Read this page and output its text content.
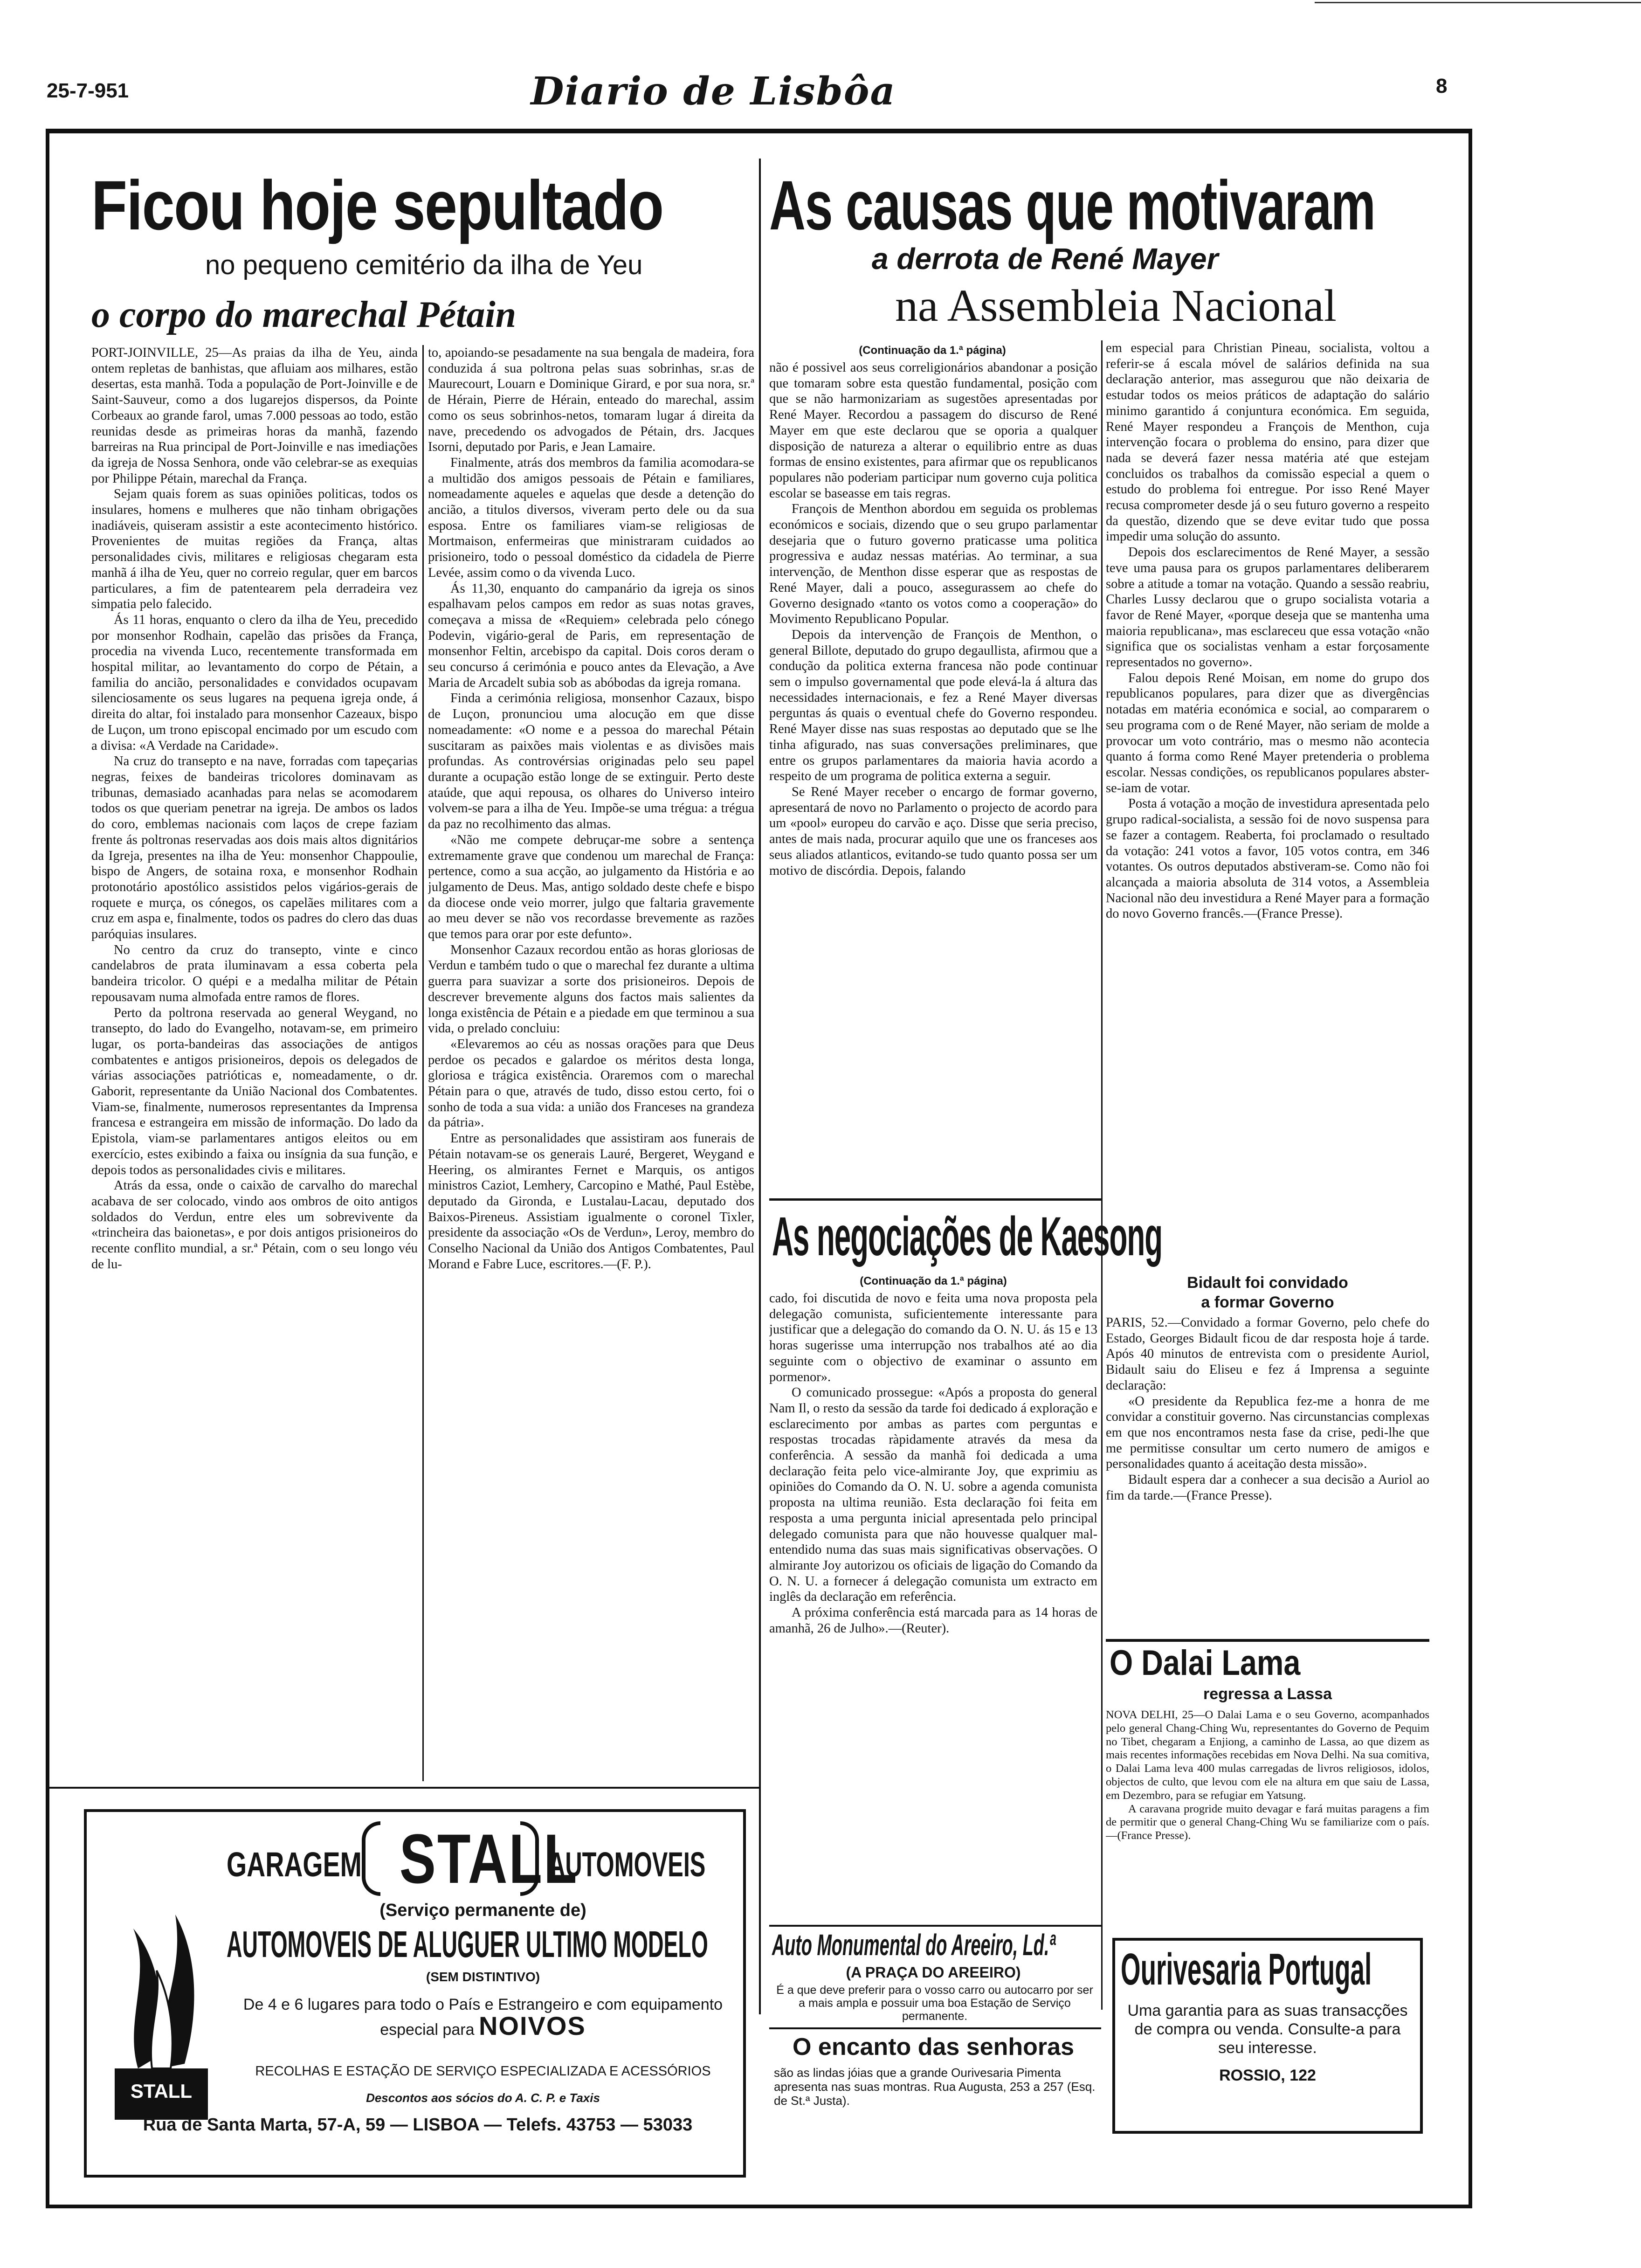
25-7-951	Diario de Lisbôa	8
Ficou hoje sepultado
no pequeno cemitério da ilha de Yeu
o corpo do marechal Pétain

PORT-JOINVILLE, 25—As praias da ilha de Yeu, ainda ontem repletas de banhistas, que afluiam aos milhares, estão desertas, esta manhã. Toda a população de Port-Joinville e de Saint-Sauveur, como a dos lugarejos dispersos, da Pointe Corbeaux ao grande farol, umas 7.000 pessoas ao todo, estão reunidas desde as primeiras horas da manhã, fazendo barreiras na Rua principal de Port-Joinville e nas imediações da igreja de Nossa Senhora, onde vão celebrar-se as exequias por Philippe Pétain, marechal da França.

Sejam quais forem as suas opiniões politicas, todos os insulares, homens e mulheres que não tinham obrigações inadiáveis, quiseram assistir a este acontecimento histórico. Provenientes de muitas regiões da França, altas personalidades civis, militares e religiosas chegaram esta manhã á ilha de Yeu, quer no correio regular, quer em barcos particulares, a fim de patentearem pela derradeira vez simpatia pelo falecido.

Ás 11 horas, enquanto o clero da ilha de Yeu, precedido por monsenhor Rodhain, capelão das prisões da França, procedia na vivenda Luco, recentemente transformada em hospital militar, ao levantamento do corpo de Pétain, a familia do ancião, personalidades e convidados ocupavam silenciosamente os seus lugares na pequena igreja onde, á direita do altar, foi instalado para monsenhor Cazeaux, bispo de Luçon, um trono episcopal encimado por um escudo com a divisa: «A Verdade na Caridade».

Na cruz do transepto e na nave, forradas com tapeçarias negras, feixes de bandeiras tricolores dominavam as tribunas, demasiado acanhadas para nelas se acomodarem todos os que queriam penetrar na igreja. De ambos os lados do coro, emblemas nacionais com laços de crepe faziam frente ás poltronas reservadas aos dois mais altos dignitários da Igreja, presentes na ilha de Yeu: monsenhor Chappoulie, bispo de Angers, de sotaina roxa, e monsenhor Rodhain protonotário apostólico assistidos pelos vigários-gerais de roquete e murça, os cónegos, os capelães militares com a cruz em aspa e, finalmente, todos os padres do clero das duas paróquias insulares.

No centro da cruz do transepto, vinte e cinco candelabros de prata iluminavam a essa coberta pela bandeira tricolor. O quépi e a medalha militar de Pétain repousavam numa almofada entre ramos de flores.

Perto da poltrona reservada ao general Weygand, no transepto, do lado do Evangelho, notavam-se, em primeiro lugar, os porta-bandeiras das associações de antigos combatentes e antigos prisioneiros, depois os delegados de várias associações patrióticas e, nomeadamente, o dr. Gaborit, representante da União Nacional dos Combatentes. Viam-se, finalmente, numerosos representantes da Imprensa francesa e estrangeira em missão de informação. Do lado da Epistola, viam-se parlamentares antigos eleitos ou em exercício, estes exibindo a faixa ou insígnia da sua função, e depois todos as personalidades civis e militares.

Atrás da essa, onde o caixão de carvalho do marechal acabava de ser colocado, vindo aos ombros de oito antigos soldados do Verdun, entre eles um sobrevivente da «trincheira das baionetas», e por dois antigos prisioneiros do recente conflito mundial, a sr.ª Pétain, com o seu longo véu de lu-

to, apoiando-se pesadamente na sua bengala de madeira, fora conduzida á sua poltrona pelas suas sobrinhas, sr.as de Maurecourt, Louarn e Dominique Girard, e por sua nora, sr.ª de Hérain, Pierre de Hérain, enteado do marechal, assim como os seus sobrinhos-netos, tomaram lugar á direita da nave, precedendo os advogados de Pétain, drs. Jacques Isorni, deputado por Paris, e Jean Lamaire.

Finalmente, atrás dos membros da familia acomodara-se a multidão dos amigos pessoais de Pétain e familiares, nomeadamente aqueles e aquelas que desde a detenção do ancião, a titulos diversos, viveram perto dele ou da sua esposa. Entre os familiares viam-se religiosas de Mortmaison, enfermeiras que ministraram cuidados ao prisioneiro, todo o pessoal doméstico da cidadela de Pierre Levée, assim como o da vivenda Luco.

Ás 11,30, enquanto do campanário da igreja os sinos espalhavam pelos campos em redor as suas notas graves, começava a missa de «Requiem» celebrada pelo cónego Podevin, vigário-geral de Paris, em representação de monsenhor Feltin, arcebispo da capital. Dois coros deram o seu concurso á cerimónia e pouco antes da Elevação, a Ave Maria de Arcadelt subia sob as abóbodas da igreja romana.

Finda a cerimónia religiosa, monsenhor Cazaux, bispo de Luçon, pronunciou uma alocução em que disse nomeadamente: «O nome e a pessoa do marechal Pétain suscitaram as paixões mais violentas e as divisões mais profundas. As controvérsias originadas pelo seu papel durante a ocupação estão longe de se extinguir. Perto deste ataúde, que aqui repousa, os olhares do Universo inteiro volvem-se para a ilha de Yeu. Impõe-se uma trégua: a trégua da paz no recolhimento das almas.

«Não me compete debruçar-me sobre a sentença extremamente grave que condenou um marechal de França: pertence, como a sua acção, ao julgamento da História e ao julgamento de Deus. Mas, antigo soldado deste chefe e bispo da diocese onde veio morrer, julgo que faltaria gravemente ao meu dever se não vos recordasse brevemente as razões que temos para orar por este defunto».

Monsenhor Cazaux recordou então as horas gloriosas de Verdun e também tudo o que o marechal fez durante a ultima guerra para suavizar a sorte dos prisioneiros. Depois de descrever brevemente alguns dos factos mais salientes da longa existência de Pétain e a piedade em que terminou a sua vida, o prelado concluiu:

«Elevaremos ao céu as nossas orações para que Deus perdoe os pecados e galardoe os méritos desta longa, gloriosa e trágica existência. Oraremos com o marechal Pétain para o que, através de tudo, disso estou certo, foi o sonho de toda a sua vida: a união dos Franceses na grandeza da pátria».

Entre as personalidades que assistiram aos funerais de Pétain notavam-se os generais Lauré, Bergeret, Weygand e Heering, os almirantes Fernet e Marquis, os antigos ministros Caziot, Lemhery, Carcopino e Mathé, Paul Estèbe, deputado da Gironda, e Lustalau-Lacau, deputado dos Baixos-Pireneus. Assistiam igualmente o coronel Tixler, presidente da associação «Os de Verdun», Leroy, membro do Conselho Nacional da União dos Antigos Combatentes, Paul Morand e Fabre Luce, escritores.—(F. P.).

As causas que motivaram
a derrota de René Mayer
na Assembleia Nacional
(Continuação da 1.ª página)

não é possivel aos seus correligionários abandonar a posição que tomaram sobre esta questão fundamental, posição com que se não harmonizariam as sugestões apresentadas por René Mayer. Recordou a passagem do discurso de René Mayer em que este declarou que se oporia a qualquer disposição de natureza a alterar o equilibrio entre as duas formas de ensino existentes, para afirmar que os republicanos populares não poderiam participar num governo cuja politica escolar se baseasse em tais regras.

François de Menthon abordou em seguida os problemas económicos e sociais, dizendo que o seu grupo parlamentar desejaria que o futuro governo praticasse uma politica progressiva e audaz nessas matérias. Ao terminar, a sua intervenção, de Menthon disse esperar que as respostas de René Mayer, dali a pouco, assegurassem ao chefe do Governo designado «tanto os votos como a cooperação» do Movimento Republicano Popular.

Depois da intervenção de François de Menthon, o general Billote, deputado do grupo degaullista, afirmou que a condução da politica externa francesa não pode continuar sem o impulso governamental que pode elevá-la á altura das necessidades internacionais, e fez a René Mayer diversas perguntas ás quais o eventual chefe do Governo respondeu. René Mayer disse nas suas respostas ao deputado que se lhe tinha afigurado, nas suas conversações preliminares, que entre os grupos parlamentares da maioria havia acordo a respeito de um programa de politica externa a seguir.

Se René Mayer receber o encargo de formar governo, apresentará de novo no Parlamento o projecto de acordo para um «pool» europeu do carvão e aço. Disse que seria preciso, antes de mais nada, procurar aquilo que une os franceses aos seus aliados atlanticos, evitando-se tudo quanto possa ser um motivo de discórdia. Depois, falando

em especial para Christian Pineau, socialista, voltou a referir-se á escala móvel de salários definida na sua declaração anterior, mas assegurou que não deixaria de estudar todos os meios práticos de adaptação do salário minimo garantido á conjuntura económica. Em seguida, René Mayer respondeu a François de Menthon, cuja intervenção focara o problema do ensino, para dizer que nada se deverá fazer nessa matéria até que estejam concluidos os trabalhos da comissão especial a quem o estudo do problema foi entregue. Por isso René Mayer recusa comprometer desde já o seu futuro governo a respeito da questão, dizendo que se deve evitar tudo que possa impedir uma solução do assunto.

Depois dos esclarecimentos de René Mayer, a sessão teve uma pausa para os grupos parlamentares deliberarem sobre a atitude a tomar na votação. Quando a sessão reabriu, Charles Lussy declarou que o grupo socialista votaria a favor de René Mayer, «porque deseja que se mantenha uma maioria republicana», mas esclareceu que essa votação «não significa que os socialistas venham a estar forçosamente representados no governo».

Falou depois René Moisan, em nome do grupo dos republicanos populares, para dizer que as divergências notadas em matéria económica e social, ao compararem o seu programa com o de René Mayer, não seriam de molde a provocar um voto contrário, mas o mesmo não acontecia quanto á forma como René Mayer pretenderia o problema escolar. Nessas condições, os republicanos populares abster-se-iam de votar.

Posta á votação a moção de investidura apresentada pelo grupo radical-socialista, a sessão foi de novo suspensa para se fazer a contagem. Reaberta, foi proclamado o resultado da votação: 241 votos a favor, 105 votos contra, em 346 votantes. Os outros deputados abstiveram-se. Como não foi alcançada a maioria absoluta de 314 votos, a Assembleia Nacional não deu investidura a René Mayer para a formação do novo Governo francês.—(France Presse).

As negociações de Kaesong
(Continuação da 1.ª página)

cado, foi discutida de novo e feita uma nova proposta pela delegação comunista, suficientemente interessante para justificar que a delegação do comando da O. N. U. ás 15 e 13 horas sugerisse uma interrupção nos trabalhos até ao dia seguinte com o objectivo de examinar o assunto em pormenor».

O comunicado prossegue: «Após a proposta do general Nam Il, o resto da sessão da tarde foi dedicado á exploração e esclarecimento por ambas as partes com perguntas e respostas trocadas ràpidamente através da mesa da conferência. A sessão da manhã foi dedicada a uma declaração feita pelo vice-almirante Joy, que exprimiu as opiniões do Comando da O. N. U. sobre a agenda comunista proposta na ultima reunião. Esta declaração foi feita em resposta a uma pergunta inicial apresentada pelo principal delegado comunista para que não houvesse qualquer mal-entendido numa das suas mais significativas observações. O almirante Joy autorizou os oficiais de ligação do Comando da O. N. U. a fornecer á delegação comunista um extracto em inglês da declaração em referência.

A próxima conferência está marcada para as 14 horas de amanhã, 26 de Julho».—(Reuter).

Bidault foi convidado
a formar Governo

PARIS, 52.—Convidado a formar Governo, pelo chefe do Estado, Georges Bidault ficou de dar resposta hoje á tarde. Após 40 minutos de entrevista com o presidente Auriol, Bidault saiu do Eliseu e fez á Imprensa a seguinte declaração:

«O presidente da Republica fez-me a honra de me convidar a constituir governo. Nas circunstancias complexas em que nos encontramos nesta fase da crise, pedi-lhe que me permitisse consultar um certo numero de amigos e personalidades quanto á aceitação desta missão».

Bidault espera dar a conhecer a sua decisão a Auriol ao fim da tarde.—(France Presse).

O Dalai Lama
regressa a Lassa

NOVA DELHI, 25—O Dalai Lama e o seu Governo, acompanhados pelo general Chang-Ching Wu, representantes do Governo de Pequim no Tibet, chegaram a Enjiong, a caminho de Lassa, ao que dizem as mais recentes informações recebidas em Nova Delhi. Na sua comitiva, o Dalai Lama leva 400 mulas carregadas de livros religiosos, idolos, objectos de culto, que levou com ele na altura em que saiu de Lassa, em Dezembro, para se refugiar em Yatsung.

A caravana progride muito devagar e fará muitas paragens a fim de permitir que o general Chang-Ching Wu se familiarize com o país.—(France Presse).

STALL
GARAGEM STALL
AUTOMOVEIS
(Serviço permanente de)
AUTOMOVEIS DE ALUGUER ULTIMO MODELO
(SEM DISTINTIVO)
De 4 e 6 lugares para todo o País e Estrangeiro e com equipamento especial para NOIVOS
RECOLHAS E ESTAÇÃO DE SERVIÇO ESPECIALIZADA E ACESSÓRIOS
Descontos aos sócios do A. C. P. e Taxis
Rua de Santa Marta, 57-A, 59 — LISBOA — Telefs. 43753 — 53033
Auto Monumental do Areeiro, Ld.ª
(A PRAÇA DO AREEIRO)
É a que deve preferir para o vosso carro ou autocarro por ser a mais ampla e possuir uma boa Estação de Serviço permanente.
O encanto das senhoras
são as lindas jóias que a grande Ourivesaria Pimenta apresenta nas suas montras. Rua Augusta, 253 a 257 (Esq. de St.ª Justa).
Ourivesaria Portugal
Uma garantia para as suas transacções de compra ou venda. Consulte-a para seu interesse.
ROSSIO, 122
